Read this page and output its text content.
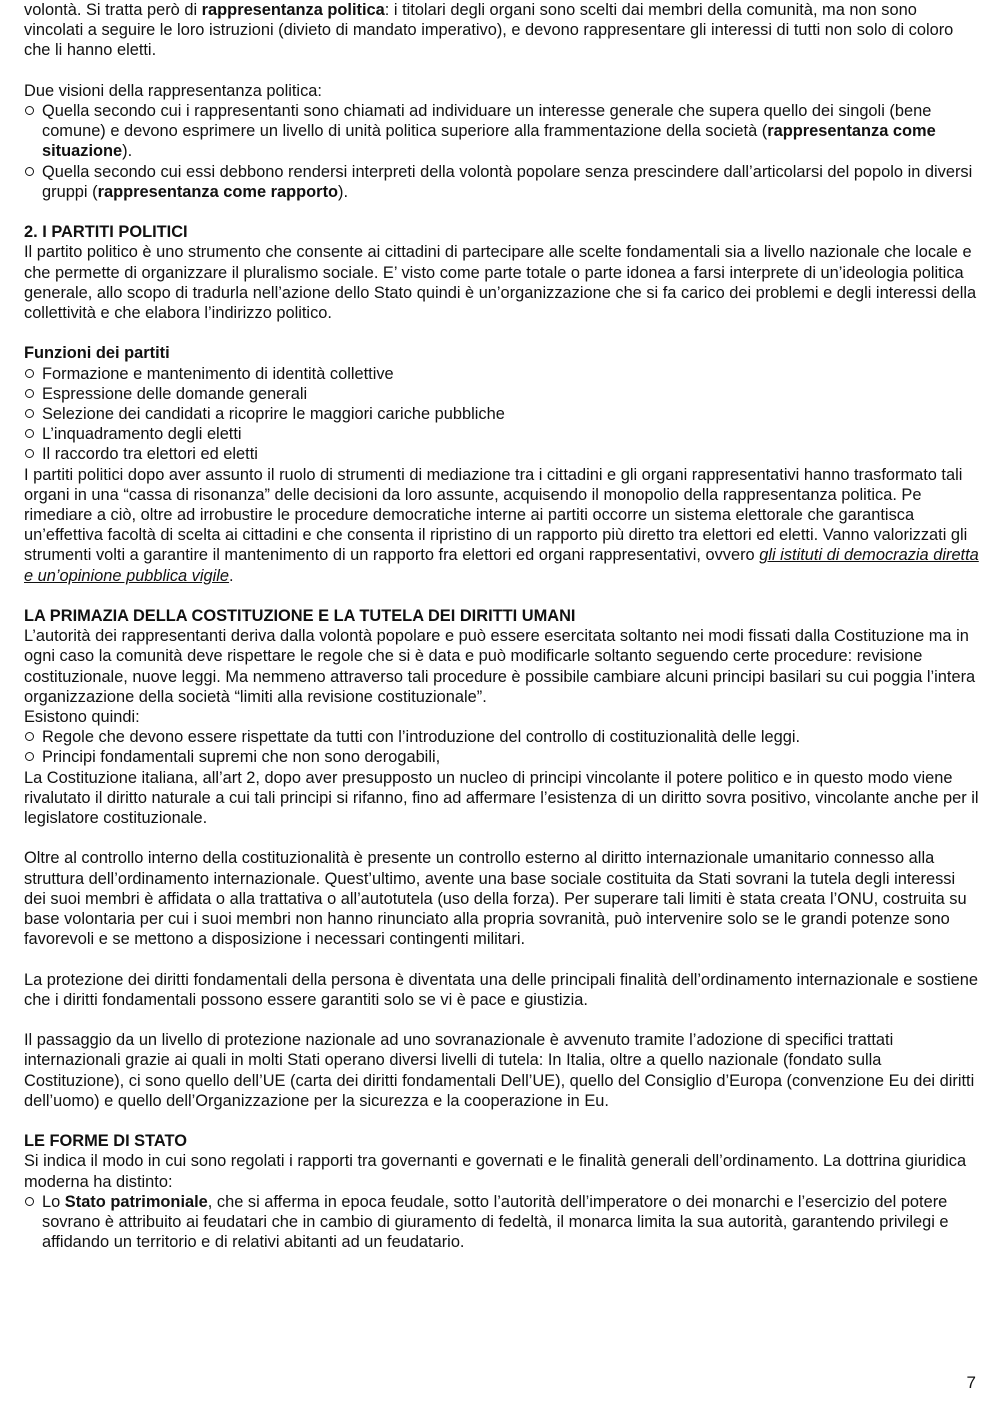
volontà. Si tratta però di rappresentanza politica: i titolari degli organi sono scelti dai membri della comunità, ma non sono vincolati a seguire le loro istruzioni (divieto di mandato imperativo), e devono rappresentare gli interessi di tutti non solo di coloro che li hanno eletti.

Due visioni della rappresentanza politica:

Quella secondo cui i rappresentanti sono chiamati ad individuare un interesse generale che supera quello dei singoli (bene comune) e devono esprimere un livello di unità politica superiore alla frammentazione della società (rappresentanza come situazione).
Quella secondo cui essi debbono rendersi interpreti della volontà popolare senza prescindere dall’articolarsi del popolo in diversi gruppi (rappresentanza come rapporto).

2. I PARTITI POLITICI

Il partito politico è uno strumento che consente ai cittadini di partecipare alle scelte fondamentali sia a livello nazionale che locale e che permette di organizzare il pluralismo sociale. E’ visto come parte totale o parte idonea a farsi interprete di un’ideologia politica generale, allo scopo di tradurla nell’azione dello Stato quindi è un’organizzazione che si fa carico dei problemi e degli interessi della collettività e che elabora l’indirizzo politico.

Funzioni dei partiti

Formazione e mantenimento di identità collettive
Espressione delle domande generali
Selezione dei candidati a ricoprire le maggiori cariche pubbliche
L’inquadramento degli eletti
Il raccordo tra elettori ed eletti

I partiti politici dopo aver assunto il ruolo di strumenti di mediazione tra i cittadini e gli organi rappresentativi hanno trasformato tali organi in una “cassa di risonanza” delle decisioni da loro assunte, acquisendo il monopolio della rappresentanza politica. Pe rimediare a ciò, oltre ad irrobustire le procedure democratiche interne ai partiti occorre un sistema elettorale che garantisca un’effettiva facoltà di scelta ai cittadini e che consenta il ripristino di un rapporto più diretto tra elettori ed eletti. Vanno valorizzati gli strumenti volti a garantire il mantenimento di un rapporto fra elettori ed organi rappresentativi, ovvero gli istituti di democrazia diretta e un’opinione pubblica vigile.

LA PRIMAZIA DELLA COSTITUZIONE E LA TUTELA DEI DIRITTI UMANI

L’autorità dei rappresentanti deriva dalla volontà popolare e può essere esercitata soltanto nei modi fissati dalla Costituzione ma in ogni caso la comunità deve rispettare le regole che si è data e può modificarle soltanto seguendo certe procedure: revisione costituzionale, nuove leggi. Ma nemmeno attraverso tali procedure è possibile cambiare alcuni principi basilari su cui poggia l’intera organizzazione della società “limiti alla revisione costituzionale”.

Esistono quindi:

Regole che devono essere rispettate da tutti con l’introduzione del controllo di costituzionalità delle leggi.
Principi fondamentali supremi che non sono derogabili,

La Costituzione italiana, all’art 2, dopo aver presupposto un nucleo di principi vincolante il potere politico e in questo modo viene rivalutato il diritto naturale a cui tali principi si rifanno, fino ad affermare l’esistenza di un diritto sovra positivo, vincolante anche per il legislatore costituzionale.

Oltre al controllo interno della costituzionalità è presente un controllo esterno al diritto internazionale umanitario connesso alla struttura dell’ordinamento internazionale. Quest’ultimo, avente una base sociale costituita da Stati sovrani la tutela degli interessi dei suoi membri è affidata o alla trattativa o all’autotutela (uso della forza). Per superare tali limiti è stata creata l’ONU, costruita su base volontaria per cui i suoi membri non hanno rinunciato alla propria sovranità, può intervenire solo se le grandi potenze sono favorevoli e se mettono a disposizione i necessari contingenti militari.

La protezione dei diritti fondamentali della persona è diventata una delle principali finalità dell’ordinamento internazionale e sostiene che i diritti fondamentali possono essere garantiti solo se vi è pace e giustizia.

Il passaggio da un livello di protezione nazionale ad uno sovranazionale è avvenuto tramite l’adozione di specifici trattati internazionali grazie ai quali in molti Stati operano diversi livelli di tutela: In Italia, oltre a quello nazionale (fondato sulla Costituzione), ci sono quello dell’UE (carta dei diritti fondamentali Dell’UE), quello del Consiglio d’Europa (convenzione Eu dei diritti dell’uomo) e quello dell’Organizzazione per la sicurezza e la cooperazione in Eu.

LE FORME DI STATO

Si indica il modo in cui sono regolati i rapporti tra governanti e governati e le finalità generali dell’ordinamento. La dottrina giuridica moderna ha distinto:

Lo Stato patrimoniale, che si afferma in epoca feudale, sotto l’autorità dell’imperatore o dei monarchi e l’esercizio del potere sovrano è attribuito ai feudatari che in cambio di giuramento di fedeltà, il monarca limita la sua autorità, garantendo privilegi e affidando un territorio e di relativi abitanti ad un feudatario.
7
